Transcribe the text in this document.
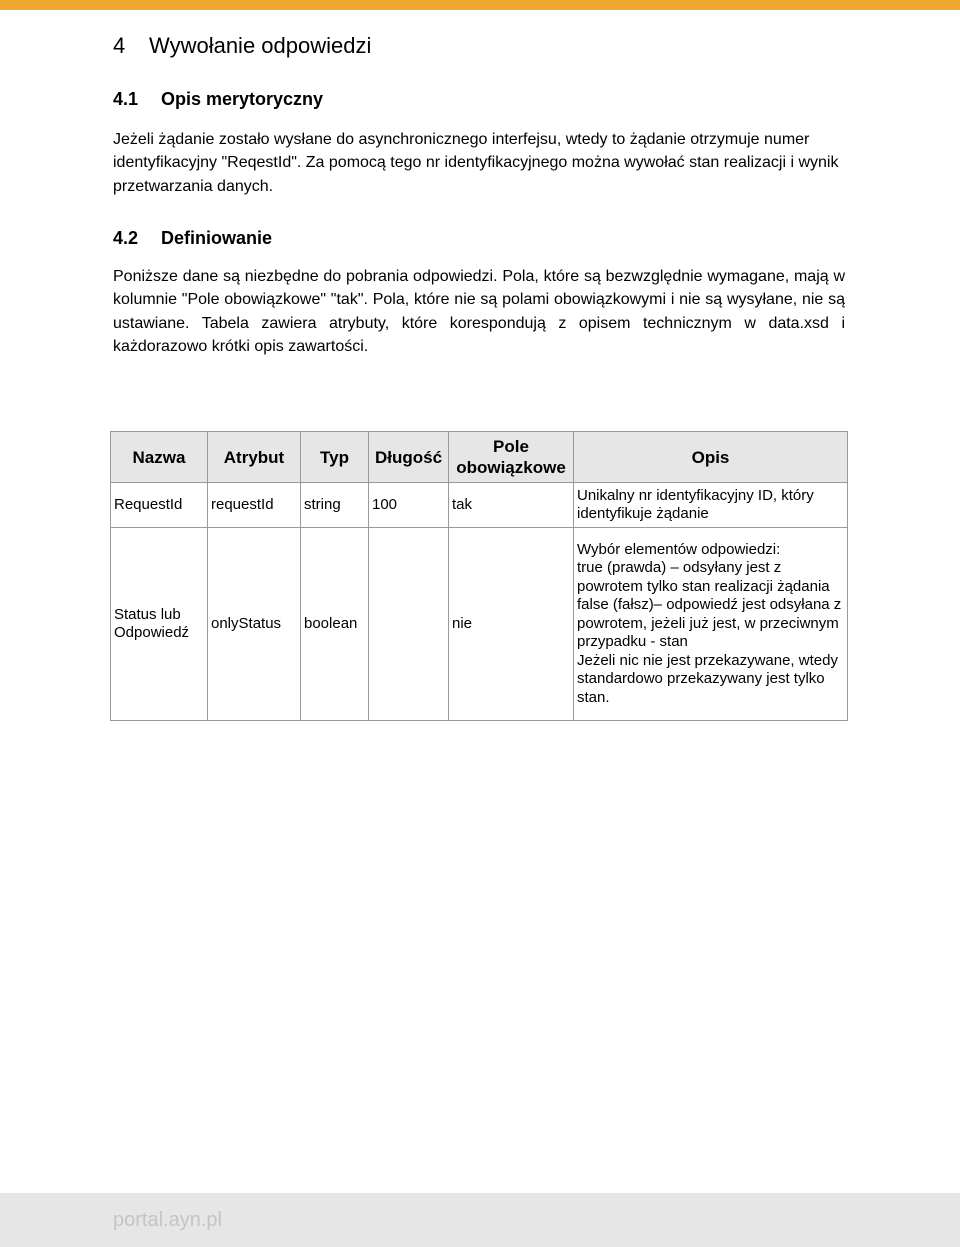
4 Wywołanie odpowiedzi
4.1 Opis merytoryczny

Jeżeli żądanie zostało wysłane do asynchronicznego interfejsu, wtedy to żądanie otrzymuje numer identyfikacyjny "ReqestId". Za pomocą tego nr identyfikacyjnego można wywołać stan realizacji i wynik przetwarzania danych.

4.2 Definiowanie

Poniższe dane są niezbędne do pobrania odpowiedzi. Pola, które są bezwzględnie wymagane, mają w kolumnie "Pole obowiązkowe" "tak". Pola, które nie są polami obowiązkowymi i nie są wysyłane, nie są ustawiane. Tabela zawiera atrybuty, które korespondują z opisem technicznym w data.xsd i każdorazowo krótki opis zawartości.

Nazwa	Atrybut	Typ	Długość	Pole obowiązkowe	Opis
RequestId	requestId	string	100	tak	Unikalny nr identyfikacyjny ID, który identyfikuje żądanie

Status lub Odpowiedź	onlyStatus	boolean		nie	Wybór elementów odpowiedzi:
true (prawda) – odsyłany jest z powrotem tylko stan realizacji żądania
false (fałsz)– odpowiedź jest odsyłana z powrotem, jeżeli już jest, w przeciwnym przypadku - stan
Jeżeli nic nie jest przekazywane, wtedy standardowo przekazywany jest tylko stan.
portal.ayn.pl
